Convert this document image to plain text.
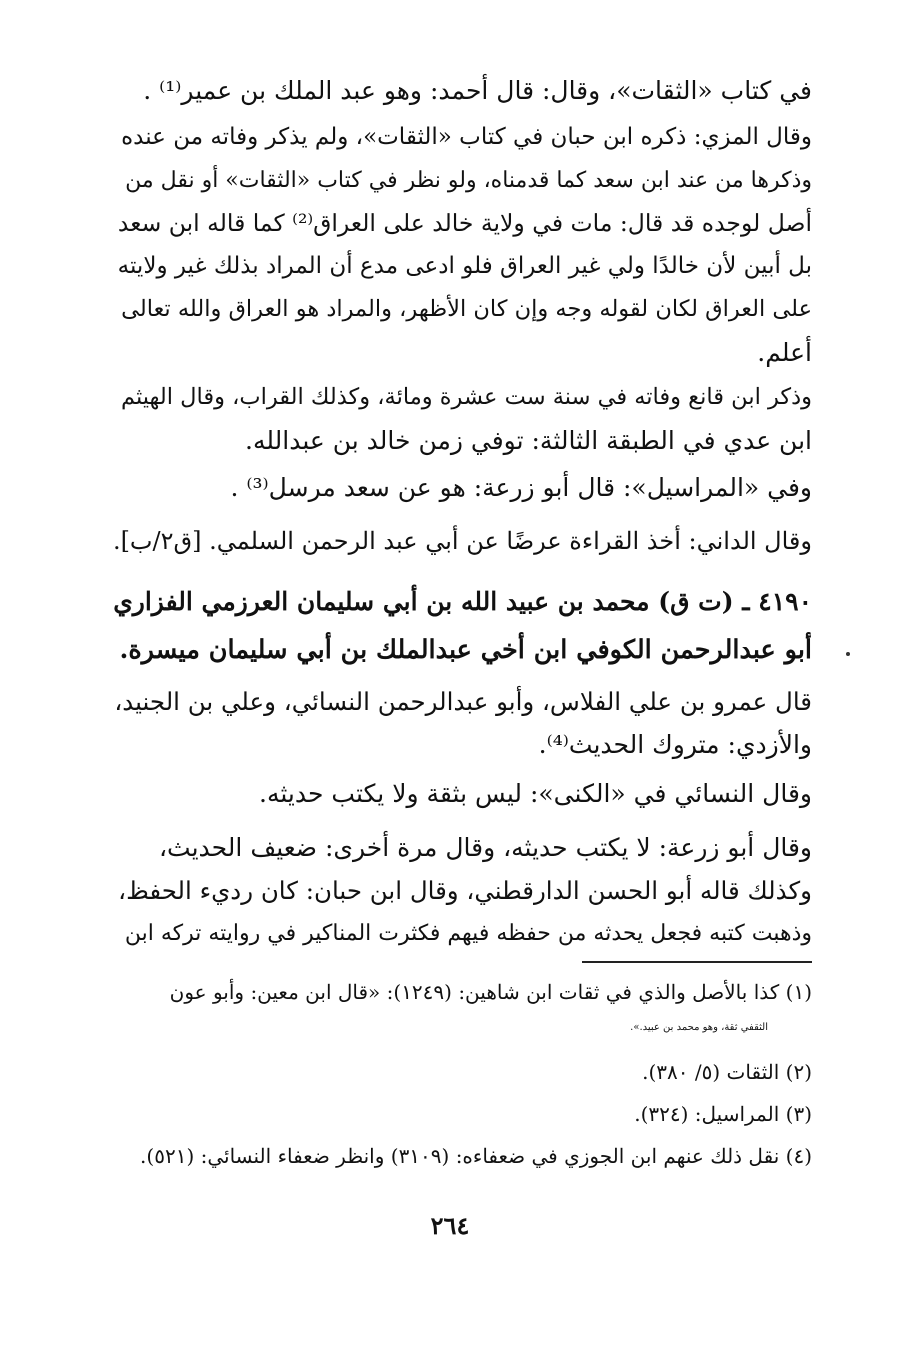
في كتاب «الثقات»، وقال: قال أحمد: وهو عبد الملك بن عمير⁽¹⁾ .

وقال المزي: ذكره ابن حبان في كتاب «الثقات»، ولم يذكر وفاته من عنده
وذكرها من عند ابن سعد كما قدمناه، ولو نظر في كتاب «الثقات» أو نقل من
أصل لوجده قد قال: مات في ولاية خالد على العراق⁽²⁾ كما قاله ابن سعد
بل أبين لأن خالدًا ولي غير العراق فلو ادعى مدع أن المراد بذلك غير ولايته
على العراق لكان لقوله وجه وإن كان الأظهر، والمراد هو العراق والله تعالى
أعلم.

وذكر ابن قانع وفاته في سنة ست عشرة ومائة، وكذلك القراب، وقال الهيثم
ابن عدي في الطبقة الثالثة: توفي زمن خالد بن عبدالله.

وفي «المراسيل»: قال أبو زرعة: هو عن سعد مرسل⁽³⁾ .

وقال الداني: أخذ القراءة عرضًا عن أبي عبد الرحمن السلمي. [ق٢/ب].

٤١٩٠ ـ (ت ق) محمد بن عبيد الله بن أبي سليمان العرزمي الفزاري
أبو عبدالرحمن الكوفي ابن أخي عبدالملك بن أبي سليمان ميسرة.

قال عمرو بن علي الفلاس، وأبو عبدالرحمن النسائي، وعلي بن الجنيد،
والأزدي: متروك الحديث⁽⁴⁾.

وقال النسائي في «الكنى»: ليس بثقة ولا يكتب حديثه.

وقال أبو زرعة: لا يكتب حديثه، وقال مرة أخرى: ضعيف الحديث،
وكذلك قاله أبو الحسن الدارقطني، وقال ابن حبان: كان رديء الحفظ،
وذهبت كتبه فجعل يحدثه من حفظه فيهم فكثرت المناكير في روايته تركه ابن

(١) كذا بالأصل والذي في ثقات ابن شاهين: (١٢٤٩): «قال ابن معين: وأبو عون
الثقفي ثقة، وهو محمد بن عبيد.».

(٢) الثقات (٥/ ٣٨٠).

(٣) المراسيل: (٣٢٤).

(٤) نقل ذلك عنهم ابن الجوزي في ضعفاءه: (٣١٠٩) وانظر ضعفاء النسائي: (٥٢١).

٢٦٤
